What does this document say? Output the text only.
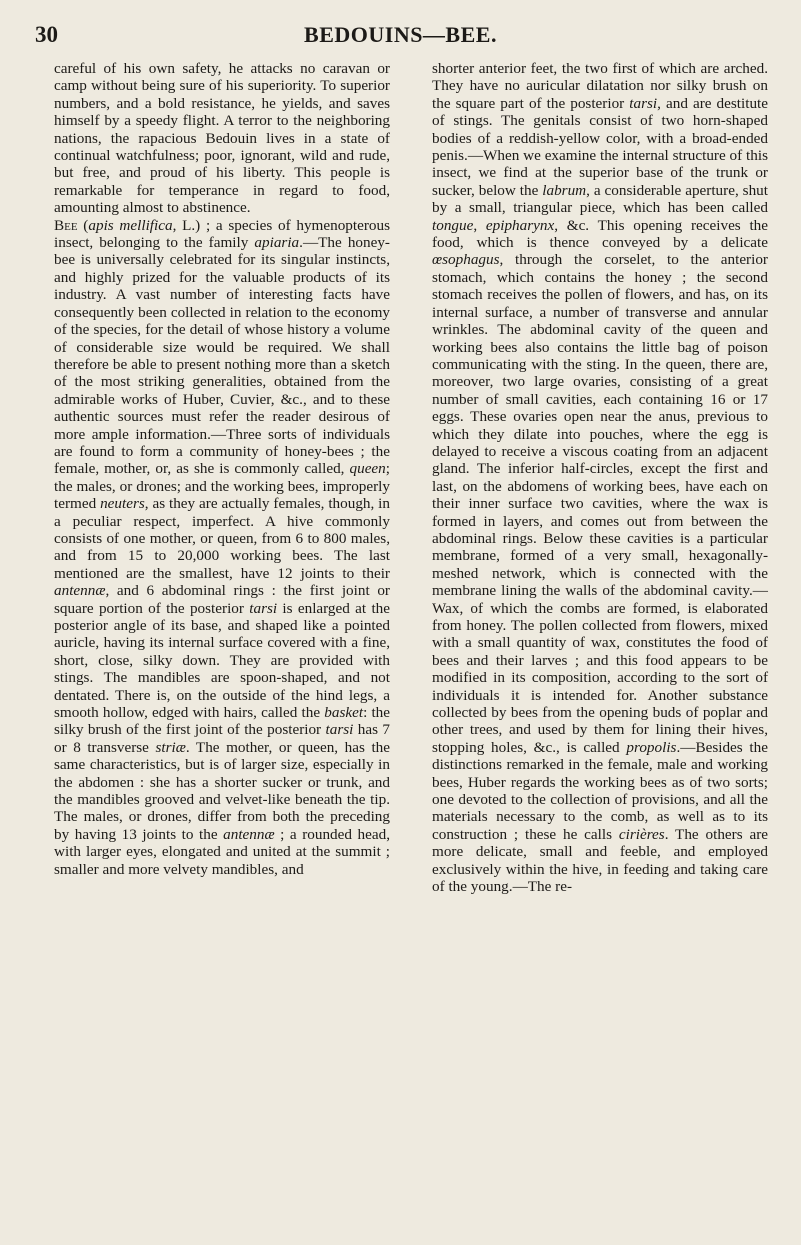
30	BEDOUINS—BEE.

careful of his own safety, he attacks no caravan or camp without being sure of his superiority. To superior numbers, and a bold resistance, he yields, and saves himself by a speedy flight. A terror to the neighboring nations, the rapacious Bedouin lives in a state of continual watchfulness; poor, ignorant, wild and rude, but free, and proud of his liberty. This people is remarkable for temperance in regard to food, amounting almost to abstinence.

Bee (apis mellifica, L.) ; a species of hymenopterous insect, belonging to the family apiaria.—The honey-bee is universally celebrated for its singular instincts, and highly prized for the valuable products of its industry. A vast number of interesting facts have consequently been collected in relation to the economy of the species, for the detail of whose history a volume of considerable size would be required. We shall therefore be able to present nothing more than a sketch of the most striking generalities, obtained from the admirable works of Huber, Cuvier, &c., and to these authentic sources must refer the reader desirous of more ample information.—Three sorts of individuals are found to form a community of honey-bees ; the female, mother, or, as she is commonly called, queen; the males, or drones; and the working bees, improperly termed neuters, as they are actually females, though, in a peculiar respect, imperfect. A hive commonly consists of one mother, or queen, from 6 to 800 males, and from 15 to 20,000 working bees. The last mentioned are the smallest, have 12 joints to their antennæ, and 6 abdominal rings : the first joint or square portion of the posterior tarsi is enlarged at the posterior angle of its base, and shaped like a pointed auricle, having its internal surface covered with a fine, short, close, silky down. They are provided with stings. The mandibles are spoon-shaped, and not dentated. There is, on the outside of the hind legs, a smooth hollow, edged with hairs, called the basket: the silky brush of the first joint of the posterior tarsi has 7 or 8 transverse striæ. The mother, or queen, has the same characteristics, but is of larger size, especially in the abdomen : she has a shorter sucker or trunk, and the mandibles grooved and velvet-like beneath the tip. The males, or drones, differ from both the preceding by having 13 joints to the antennæ ; a rounded head, with larger eyes, elongated and united at the summit ; smaller and more velvety mandibles, and

shorter anterior feet, the two first of which are arched. They have no auricular dilatation nor silky brush on the square part of the posterior tarsi, and are destitute of stings. The genitals consist of two horn-shaped bodies of a reddish-yellow color, with a broad-ended penis.—When we examine the internal structure of this insect, we find at the superior base of the trunk or sucker, below the labrum, a considerable aperture, shut by a small, triangular piece, which has been called tongue, epipharynx, &c. This opening receives the food, which is thence conveyed by a delicate œsophagus, through the corselet, to the anterior stomach, which contains the honey ; the second stomach receives the pollen of flowers, and has, on its internal surface, a number of transverse and annular wrinkles. The abdominal cavity of the queen and working bees also contains the little bag of poison communicating with the sting. In the queen, there are, moreover, two large ovaries, consisting of a great number of small cavities, each containing 16 or 17 eggs. These ovaries open near the anus, previous to which they dilate into pouches, where the egg is delayed to receive a viscous coating from an adjacent gland. The inferior half-circles, except the first and last, on the abdomens of working bees, have each on their inner surface two cavities, where the wax is formed in layers, and comes out from between the abdominal rings. Below these cavities is a particular membrane, formed of a very small, hexagonally-meshed network, which is connected with the membrane lining the walls of the abdominal cavity.—Wax, of which the combs are formed, is elaborated from honey. The pollen collected from flowers, mixed with a small quantity of wax, constitutes the food of bees and their larves ; and this food appears to be modified in its composition, according to the sort of individuals it is intended for. Another substance collected by bees from the opening buds of poplar and other trees, and used by them for lining their hives, stopping holes, &c., is called propolis.—Besides the distinctions remarked in the female, male and working bees, Huber regards the working bees as of two sorts; one devoted to the collection of provisions, and all the materials necessary to the comb, as well as to its construction ; these he calls cirières. The others are more delicate, small and feeble, and employed exclusively within the hive, in feeding and taking care of the young.—The re-
